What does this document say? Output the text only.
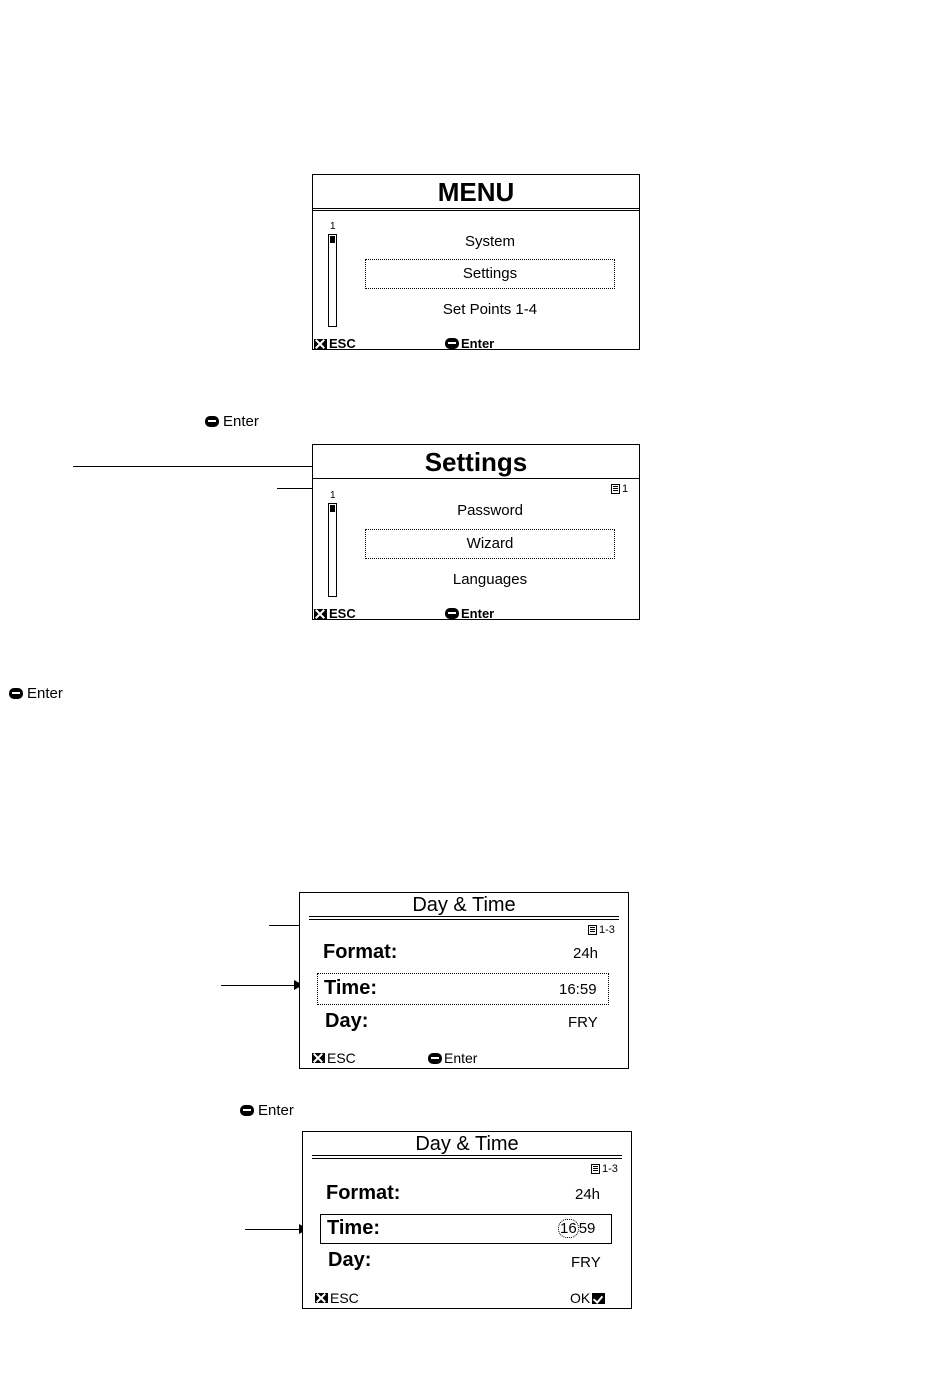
MENU
1
System
Settings
Set Points 1-4
ESC	Enter
Enter
Settings
1
1
Password
Wizard
Languages
ESC	Enter
Enter
Day & Time
1-3
Format:	24h
Time:	16:59
Day:	FRY
ESC	Enter
Enter
Day & Time
1-3
Format:	24h
Time:	16 59
Day:	FRY
ESC	OK
